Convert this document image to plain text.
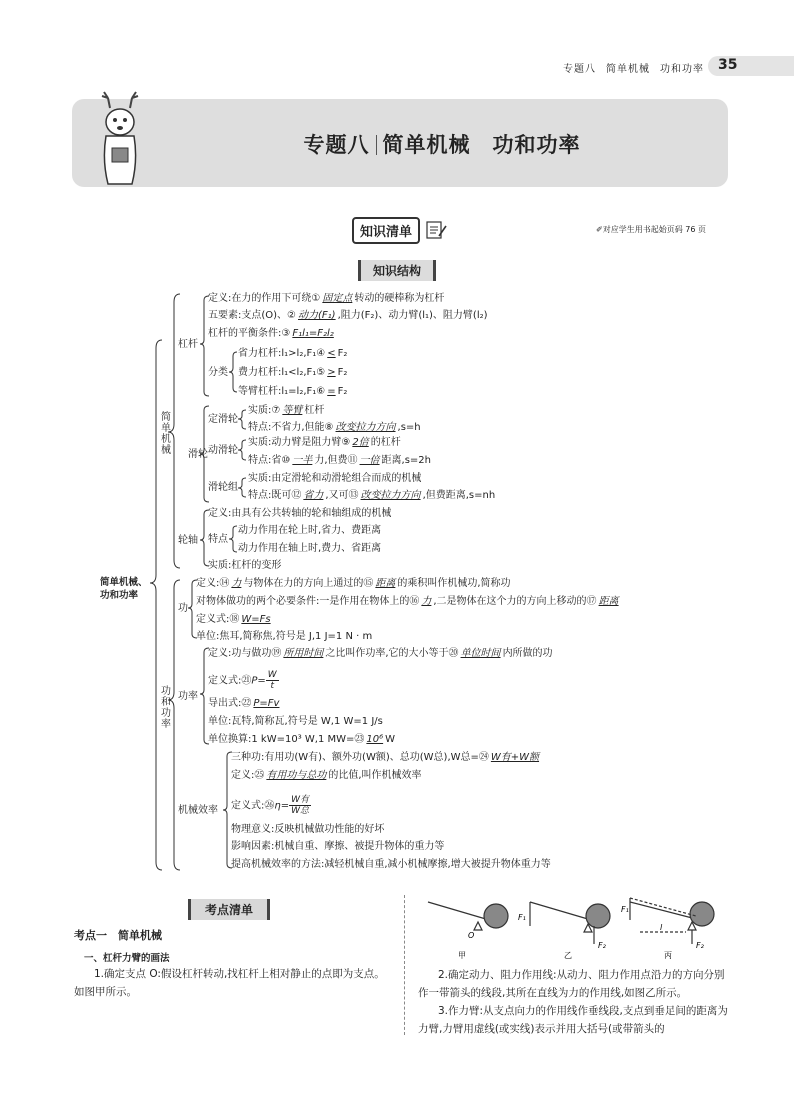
专题八 简单机械 功和功率 35
专题八 简单机械　 功和功率
知识清单	✐对应学生用书起始页码 76 页
知识结构
简单机械、
功和功率
简
单
机
械
功
和
功
率
杠杆
定义:在力的作用下可绕① 固定点 转动的硬棒称为杠杆
五要素:支点(O)、② 动力(F₁) ,阻力(F₂)、动力臂(l₁)、阻力臂(l₂)
杠杆的平衡条件:③ F₁l₁=F₂l₂
分类
省力杠杆:l₁>l₂,F₁④ < F₂
费力杠杆:l₁<l₂,F₁⑤ > F₂
等臂杠杆:l₁=l₂,F₁⑥ = F₂
滑轮
定滑轮
实质:⑦ 等臂 杠杆
特点:不省力,但能⑧ 改变拉力方向 ,s=h
动滑轮
实质:动力臂是阻力臂⑨ 2倍 的杠杆
特点:省⑩ 一半 力,但费⑪ 一倍 距离,s=2h
滑轮组
实质:由定滑轮和动滑轮组合而成的机械
特点:既可⑫ 省力 ,又可⑬ 改变拉力方向 ,但费距离,s=nh
轮轴
定义:由具有公共转轴的轮和轴组成的机械
特点
动力作用在轮上时,省力、费距离
动力作用在轴上时,费力、省距离
实质:杠杆的变形
功
定义:⑭ 力 与物体在力的方向上通过的⑮ 距离 的乘积叫作机械功,简称功
对物体做功的两个必要条件:一是作用在物体上的⑯ 力 ,二是物体在这个力的方向上移动的⑰ 距离
定义式:⑱ W=Fs
单位:焦耳,简称焦,符号是 J,1 J=1 N · m
功率
定义:功与做功⑲ 所用时间 之比叫作功率,它的大小等于⑳ 单位时间 内所做的功
定义式:㉑P= $\frac{W}{t}$
导出式:㉒ P=Fv
单位:瓦特,简称瓦,符号是 W,1 W=1 J/s
单位换算:1 kW=10³ W,1 MW=㉓ 10⁶ W
机械效率
三种功:有用功(W有)、额外功(W额)、总功(W总),W总=㉔ W有+W额
定义:㉕ 有用功与总功 的比值,叫作机械效率
定义式:㉖η= $\frac{\text{W有}}{\text{W总}}$
物理意义:反映机械做功性能的好坏
影响因素:机械自重、摩擦、被提升物体的重力等
提高机械效率的方法:减轻机械自重,减小机械摩擦,增大被提升物体重力等
考点清单
考点一　简单机械
一、杠杆力臂的画法
1.确定支点 O:假设杠杆转动,找杠杆上相对静止的点即为支点。如图甲所示。
O
F₁
F₂
F₁
F₂
l
甲	乙	丙
2.确定动力、阻力作用线:从动力、阻力作用点沿力的方向分别作一带箭头的线段,其所在直线为力的作用线,如图乙所示。
3.作力臂:从支点向力的作用线作垂线段,支点到垂足间的距离为力臂,力臂用虚线(或实线)表示并用大括号(或带箭头的
